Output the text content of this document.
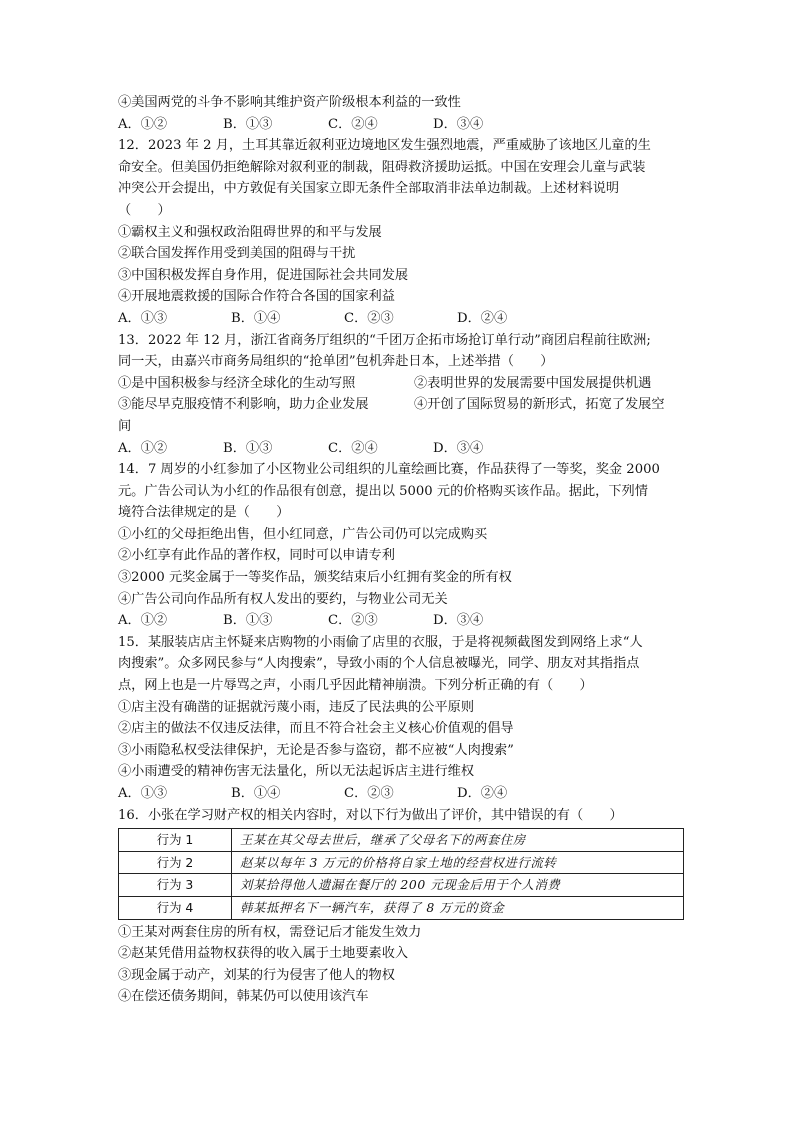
④美国两党的斗争不影响其维护资产阶级根本利益的一致性
A．①②	B．①③	C．②④	D．③④
12．2023 年 2 月，土耳其靠近叙利亚边境地区发生强烈地震，严重威胁了该地区儿童的生
命安全。但美国仍拒绝解除对叙利亚的制裁，阻碍救济援助运抵。中国在安理会儿童与武装
冲突公开会提出，中方敦促有关国家立即无条件全部取消非法单边制裁。上述材料说明
（　　）
①霸权主义和强权政治阻碍世界的和平与发展
②联合国发挥作用受到美国的阻碍与干扰
③中国积极发挥自身作用，促进国际社会共同发展
④开展地震救援的国际合作符合各国的国家利益
A．①③	B．①④	C．②③	D．②④
13．2022 年 12 月，浙江省商务厅组织的“千团万企拓市场抢订单行动”商团启程前往欧洲;
同一天，由嘉兴市商务局组织的“抢单团”包机奔赴日本，上述举措（　　）
①是中国积极参与经济全球化的生动写照	②表明世界的发展需要中国发展提供机遇
③能尽早克服疫情不利影响，助力企业发展	④开创了国际贸易的新形式，拓宽了发展空
间
A．①②	B．①③	C．②④	D．③④
14．7 周岁的小红参加了小区物业公司组织的儿童绘画比赛，作品获得了一等奖，奖金 2000
元。广告公司认为小红的作品很有创意，提出以 5000 元的价格购买该作品。据此，下列情
境符合法律规定的是（　　）
①小红的父母拒绝出售，但小红同意，广告公司仍可以完成购买
②小红享有此作品的著作权，同时可以申请专利
③2000 元奖金属于一等奖作品，颁奖结束后小红拥有奖金的所有权
④广告公司向作品所有权人发出的要约，与物业公司无关
A．①②	B．①③	C．②③	D．③④
15．某服装店店主怀疑来店购物的小雨偷了店里的衣服，于是将视频截图发到网络上求“人
肉搜索”。众多网民参与“人肉搜索”，导致小雨的个人信息被曝光，同学、朋友对其指指点
点，网上也是一片辱骂之声，小雨几乎因此精神崩溃。下列分析正确的有（　　）
①店主没有确凿的证据就污蔑小雨，违反了民法典的公平原则
②店主的做法不仅违反法律，而且不符合社会主义核心价值观的倡导
③小雨隐私权受法律保护，无论是否参与盗窃，都不应被“人肉搜索”
④小雨遭受的精神伤害无法量化，所以无法起诉店主进行维权
A．①③	B．①④	C．②③	D．②④
16．小张在学习财产权的相关内容时，对以下行为做出了评价，其中错误的有（　　）
行为 1	王某在其父母去世后，继承了父母名下的两套住房
行为 2	赵某以每年 3 万元的价格将自家土地的经营权进行流转
行为 3	刘某拾得他人遗漏在餐厅的 200 元现金后用于个人消费
行为 4	韩某抵押名下一辆汽车，获得了 8 万元的资金
①王某对两套住房的所有权，需登记后才能发生效力
②赵某凭借用益物权获得的收入属于土地要素收入
③现金属于动产，刘某的行为侵害了他人的物权
④在偿还债务期间，韩某仍可以使用该汽车
